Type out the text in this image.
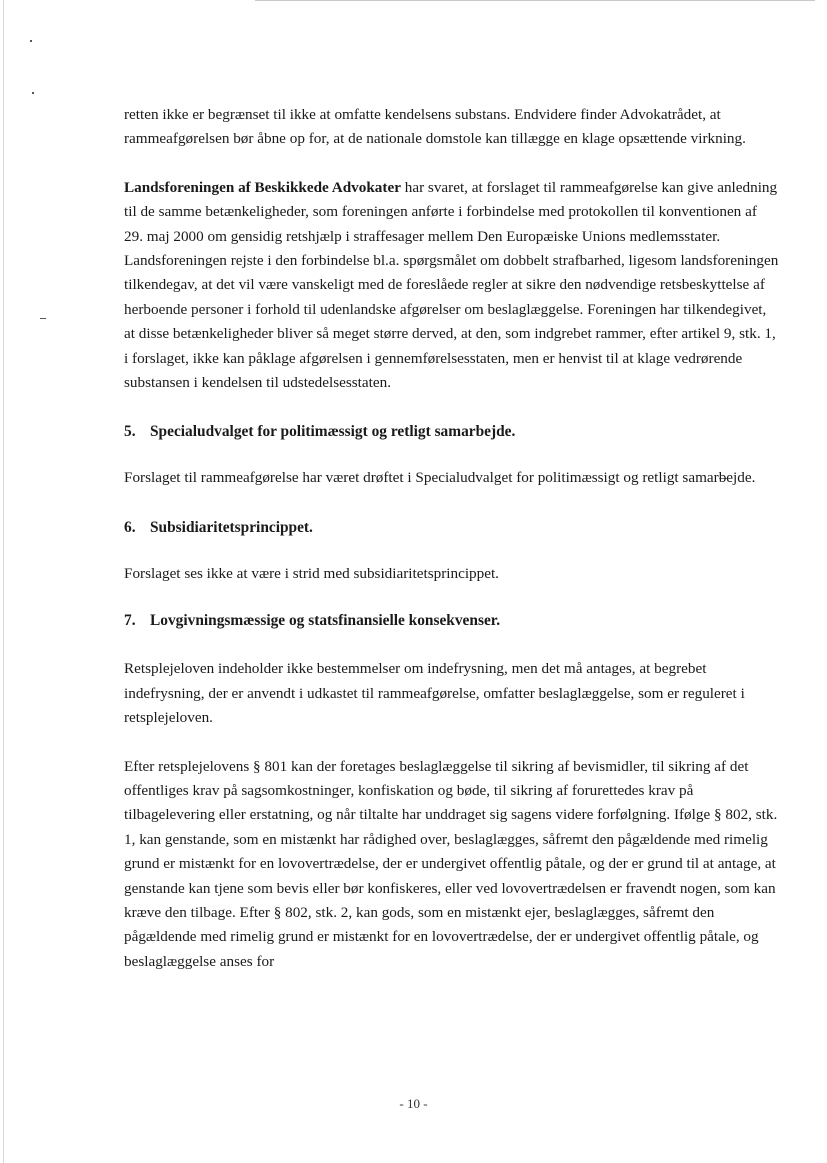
retten ikke er begrænset til ikke at omfatte kendelsens substans. Endvidere finder Advokatrådet, at rammeafgørelsen bør åbne op for, at de nationale domstole kan tillægge en klage opsættende virkning.

Landsforeningen af Beskikkede Advokater har svaret, at forslaget til rammeafgørelse kan give anledning til de samme betænkeligheder, som foreningen anførte i forbindelse med protokollen til konventionen af 29. maj 2000 om gensidig retshjælp i straffesager mellem Den Europæiske Unions medlemsstater. Landsforeningen rejste i den forbindelse bl.a. spørgsmålet om dobbelt strafbarhed, ligesom landsforeningen tilkendegav, at det vil være vanskeligt med de foreslåede regler at sikre den nødvendige retsbeskyttelse af herboende personer i forhold til udenlandske afgørelser om beslaglæggelse. Foreningen har tilkendegivet, at disse betænkeligheder bliver så meget større derved, at den, som indgrebet rammer, efter artikel 9, stk. 1, i forslaget, ikke kan påklage afgørelsen i gennemførelsesstaten, men er henvist til at klage vedrørende substansen i kendelsen til udstedelsesstaten.

5. Specialudvalget for politimæssigt og retligt samarbejde.

Forslaget til rammeafgørelse har været drøftet i Specialudvalget for politimæssigt og retligt samarbejde.

6. Subsidiaritetsprincippet.

Forslaget ses ikke at være i strid med subsidiaritetsprincippet.

7. Lovgivningsmæssige og statsfinansielle konsekvenser.

Retsplejeloven indeholder ikke bestemmelser om indefrysning, men det må antages, at begrebet indefrysning, der er anvendt i udkastet til rammeafgørelse, omfatter beslaglæggelse, som er reguleret i retsplejeloven.

Efter retsplejelovens § 801 kan der foretages beslaglæggelse til sikring af bevismidler, til sikring af det offentliges krav på sagsomkostninger, konfiskation og bøde, til sikring af forurettedes krav på tilbagelevering eller erstatning, og når tiltalte har unddraget sig sagens videre forfølgning. Ifølge § 802, stk. 1, kan genstande, som en mistænkt har rådighed over, beslaglægges, såfremt den pågældende med rimelig grund er mistænkt for en lovovertrædelse, der er undergivet offentlig påtale, og der er grund til at antage, at genstande kan tjene som bevis eller bør konfiskeres, eller ved lovovertrædelsen er fravendt nogen, som kan kræve den tilbage. Efter § 802, stk. 2, kan gods, som en mistænkt ejer, beslaglægges, såfremt den pågældende med rimelig grund er mistænkt for en lovovertrædelse, der er undergivet offentlig påtale, og beslaglæggelse anses for

- 10 -
